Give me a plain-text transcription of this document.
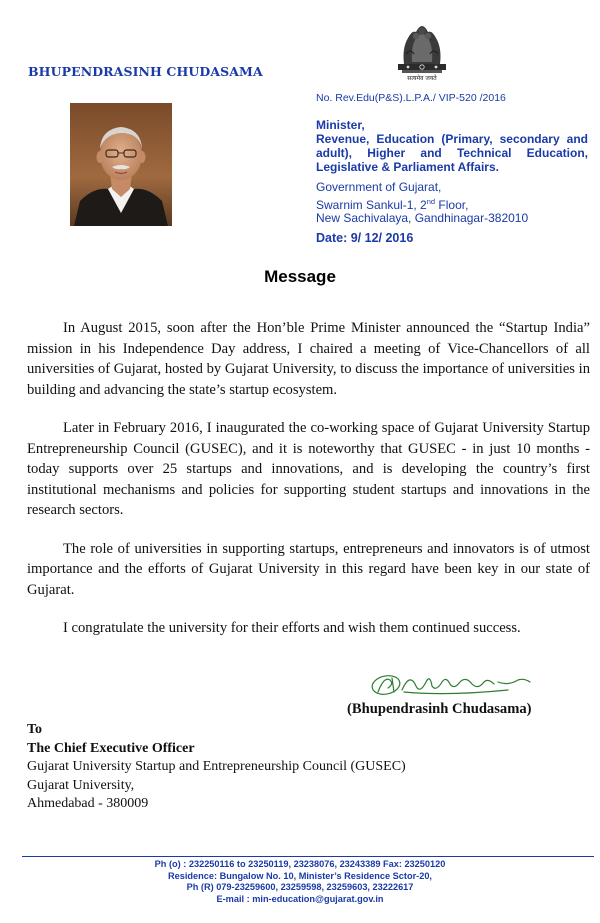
सत्यमेव जयते
BHUPENDRASINH CHUDASAMA
No. Rev.Edu(P&S).L.P.A./ VIP-520 /2016
Minister,
Revenue, Education (Primary, secondary and adult), Higher and Technical Education, Legislative & Parliament Affairs.
Government of Gujarat,
Swarnim Sankul-1, 2nd Floor,
New Sachivalaya, Gandhinagar-382010
Date: 9/ 12/ 2016
Message

In August 2015, soon after the Hon’ble Prime Minister announced the “Startup India” mission in his Independence Day address, I chaired a meeting of Vice-Chancellors of all universities of Gujarat, hosted by Gujarat University, to discuss the importance of universities in building and advancing the state’s startup ecosystem.

Later in February 2016, I inaugurated the co-working space of Gujarat University Startup Entrepreneurship Council (GUSEC), and it is noteworthy that GUSEC - in just 10 months - today supports over 25 startups and innovations, and is developing the country’s first institutional mechanisms and policies for supporting student startups and innovations in the research sectors.

The role of universities in supporting startups, entrepreneurs and innovators is of utmost importance and the efforts of Gujarat University in this regard have been key in our state of Gujarat.

I congratulate the university for their efforts and wish them continued success.

(Bhupendrasinh Chudasama)
To
The Chief Executive Officer
Gujarat University Startup and Entrepreneurship Council (GUSEC)
Gujarat University,
Ahmedabad - 380009
Ph (o) : 232250116 to 23250119, 23238076, 23243389 Fax: 23250120
Residence: Bungalow No. 10, Minister’s Residence Sctor-20,
Ph (R) 079-23259600, 23259598, 23259603, 23222617
E-mail : min-education@gujarat.gov.in
